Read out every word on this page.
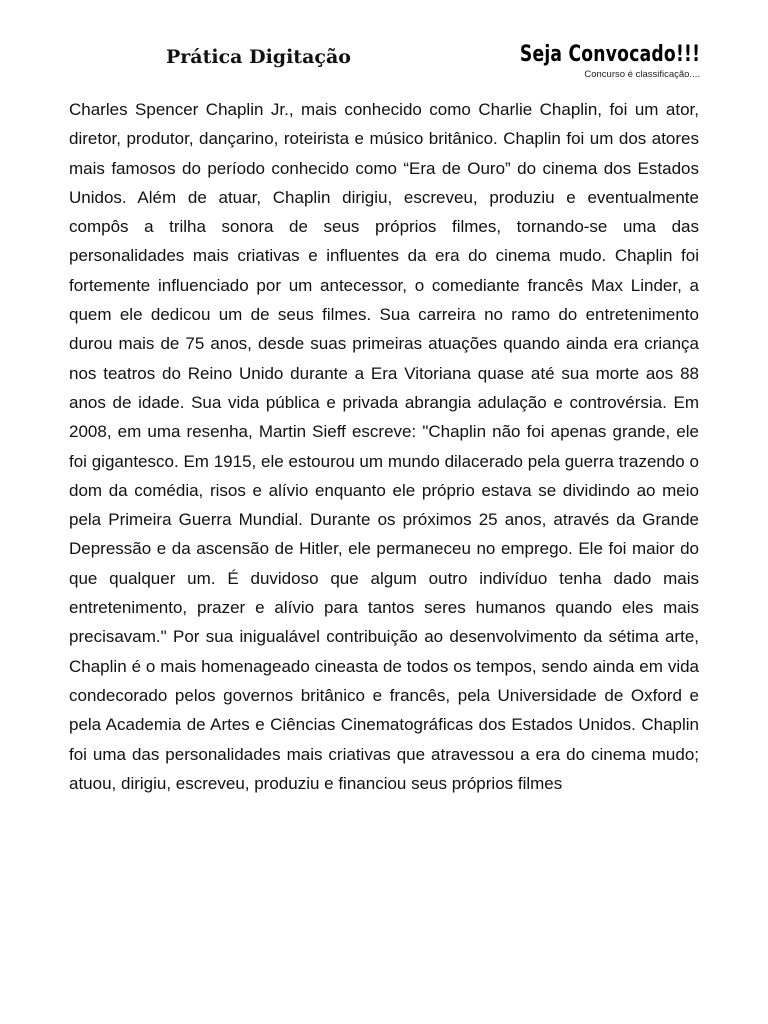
Prática Digitação	Seja Convocado!!!
Concurso é classificação....

Charles Spencer Chaplin Jr., mais conhecido como Charlie Chaplin, foi um ator, diretor, produtor, dançarino, roteirista e músico britânico. Chaplin foi um dos atores mais famosos do período conhecido como “Era de Ouro” do cinema dos Estados Unidos. Além de atuar, Chaplin dirigiu, escreveu, produziu e eventualmente compôs a trilha sonora de seus próprios filmes, tornando-se uma das personalidades mais criativas e influentes da era do cinema mudo. Chaplin foi fortemente influenciado por um antecessor, o comediante francês Max Linder, a quem ele dedicou um de seus filmes. Sua carreira no ramo do entretenimento durou mais de 75 anos, desde suas primeiras atuações quando ainda era criança nos teatros do Reino Unido durante a Era Vitoriana quase até sua morte aos 88 anos de idade. Sua vida pública e privada abrangia adulação e controvérsia. Em 2008, em uma resenha, Martin Sieff escreve: "Chaplin não foi apenas grande, ele foi gigantesco. Em 1915, ele estourou um mundo dilacerado pela guerra trazendo o dom da comédia, risos e alívio enquanto ele próprio estava se dividindo ao meio pela Primeira Guerra Mundial. Durante os próximos 25 anos, através da Grande Depressão e da ascensão de Hitler, ele permaneceu no emprego. Ele foi maior do que qualquer um. É duvidoso que algum outro indivíduo tenha dado mais entretenimento, prazer e alívio para tantos seres humanos quando eles mais precisavam." Por sua inigualável contribuição ao desenvolvimento da sétima arte, Chaplin é o mais homenageado cineasta de todos os tempos, sendo ainda em vida condecorado pelos governos britânico e francês, pela Universidade de Oxford e pela Academia de Artes e Ciências Cinematográficas dos Estados Unidos. Chaplin foi uma das personalidades mais criativas que atravessou a era do cinema mudo; atuou, dirigiu, escreveu, produziu e financiou seus próprios filmes
